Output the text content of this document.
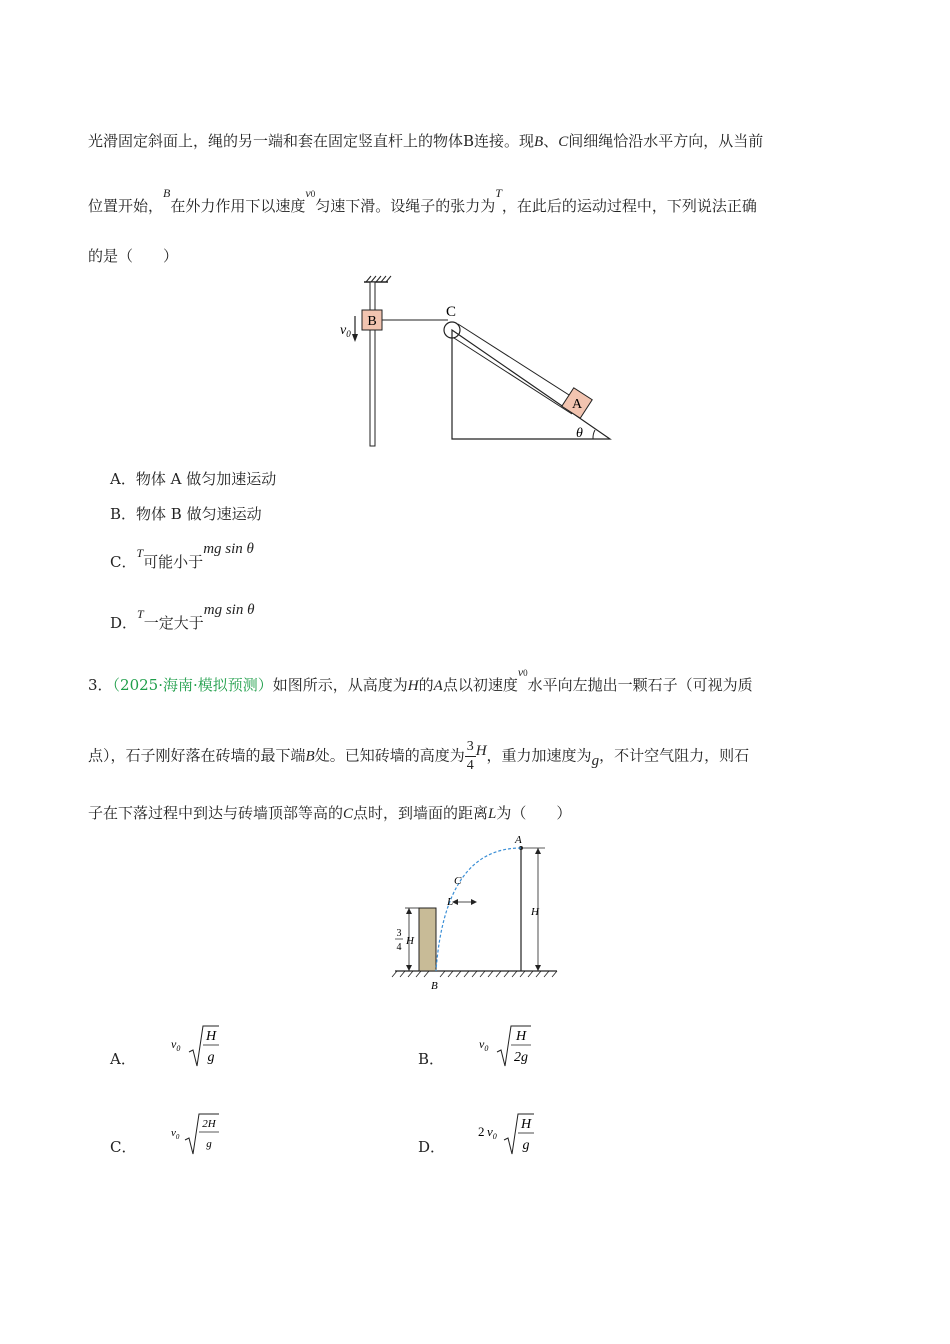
光滑固定斜面上，绳的另一端和套在固定竖直杆上的物体B连接。现B、C间细绳恰沿水平方向，从当前
位置开始，$^B$在外力作用下以速度$^{v0}$匀速下滑。设绳子的张力为$^T$，在此后的运动过程中，下列说法正确
的是（　　）
B
$v_0$
C
A
θ
A．物体 A 做匀加速运动
B．物体 B 做匀速运动
C．$^T$可能小于mg sin θ
D．$^T$一定大于mg sin θ
3．（2025·海南·模拟预测）如图所示，从高度为H的A点以初速度$^{v0}$水平向左抛出一颗石子（可视为质
点），石子刚好落在砖墙的最下端B处。已知砖墙的高度为 $\frac{3}{4}$ H，重力加速度为g，不计空气阻力，则石
子在下落过程中到达与砖墙顶部等高的C点时，到墙面的距离L为（　　）
3
4
H
A
H
C
L
B
A．
$v_0$
H
g	B．
$v_0$
H
2g
C．
$v_0$
2H
g	D．
2 $v_0$
H
g
